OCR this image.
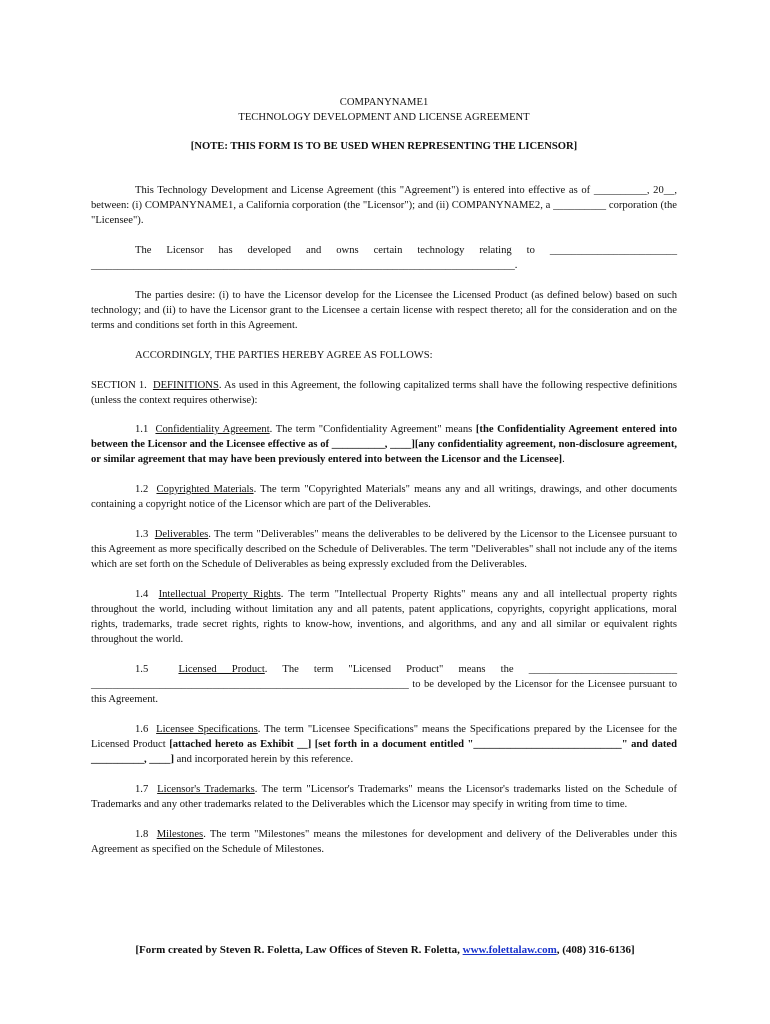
COMPANYNAME1
TECHNOLOGY DEVELOPMENT AND LICENSE AGREEMENT
[NOTE: THIS FORM IS TO BE USED WHEN REPRESENTING THE LICENSOR]

This Technology Development and License Agreement (this "Agreement") is entered into effective as of __________, 20__, between: (i) COMPANYNAME1, a California corporation (the "Licensor"); and (ii) COMPANYNAME2, a __________ corporation (the "Licensee").

The Licensor has developed and owns certain technology relating to ________________________ ________________________________________________________________________________.

The parties desire: (i) to have the Licensor develop for the Licensee the Licensed Product (as defined below) based on such technology; and (ii) to have the Licensor grant to the Licensee a certain license with respect thereto; all for the consideration and on the terms and conditions set forth in this Agreement.

ACCORDINGLY, THE PARTIES HEREBY AGREE AS FOLLOWS:

SECTION 1. DEFINITIONS. As used in this Agreement, the following capitalized terms shall have the following respective definitions (unless the context requires otherwise):

1.1 Confidentiality Agreement. The term "Confidentiality Agreement" means [the Confidentiality Agreement entered into between the Licensor and the Licensee effective as of __________, ____][any confidentiality agreement, non-disclosure agreement, or similar agreement that may have been previously entered into between the Licensor and the Licensee].

1.2 Copyrighted Materials. The term "Copyrighted Materials" means any and all writings, drawings, and other documents containing a copyright notice of the Licensor which are part of the Deliverables.

1.3 Deliverables. The term "Deliverables" means the deliverables to be delivered by the Licensor to the Licensee pursuant to this Agreement as more specifically described on the Schedule of Deliverables. The term "Deliverables" shall not include any of the items which are set forth on the Schedule of Deliverables as being expressly excluded from the Deliverables.

1.4 Intellectual Property Rights. The term "Intellectual Property Rights" means any and all intellectual property rights throughout the world, including without limitation any and all patents, patent applications, copyrights, copyright applications, moral rights, trademarks, trade secret rights, rights to know-how, inventions, and algorithms, and any and all similar or equivalent rights throughout the world.

1.5	Licensed Product. The term "Licensed Product" means the ____________________________ ____________________________________________________________ to be developed by the Licensor for the Licensee pursuant to this Agreement.

1.6 Licensee Specifications. The term "Licensee Specifications" means the Specifications prepared by the Licensee for the Licensed Product [attached hereto as Exhibit __] [set forth in a document entitled "____________________________" and dated __________, ____] and incorporated herein by this reference.

1.7 Licensor's Trademarks. The term "Licensor's Trademarks" means the Licensor's trademarks listed on the Schedule of Trademarks and any other trademarks related to the Deliverables which the Licensor may specify in writing from time to time.

1.8 Milestones. The term "Milestones" means the milestones for development and delivery of the Deliverables under this Agreement as specified on the Schedule of Milestones.

[Form created by Steven R. Foletta, Law Offices of Steven R. Foletta, www.folettalaw.com, (408) 316-6136]
